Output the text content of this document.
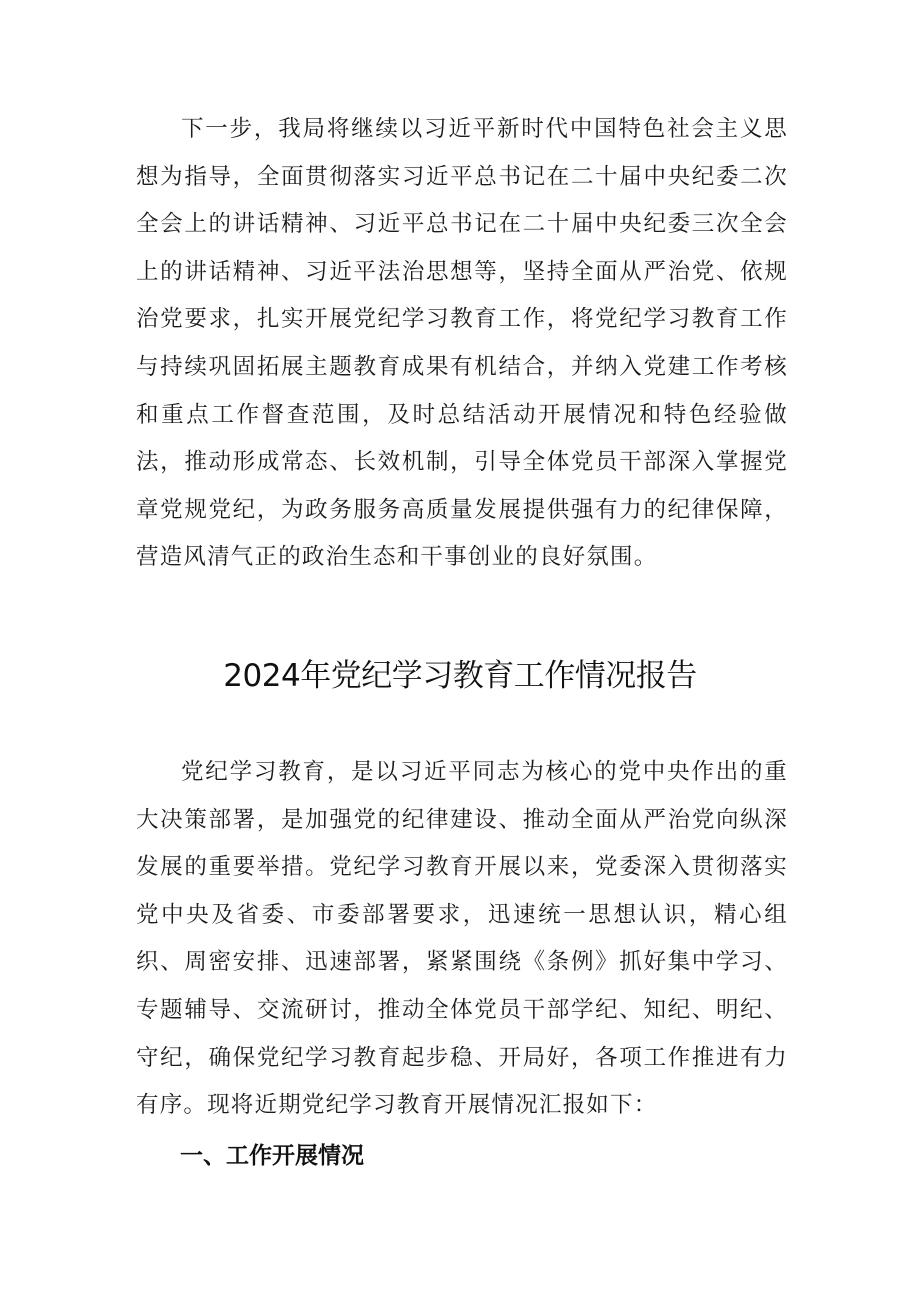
下一步，我局将继续以习近平新时代中国特色社会主义思想为指导，全面贯彻落实习近平总书记在二十届中央纪委二次全会上的讲话精神、习近平总书记在二十届中央纪委三次全会上的讲话精神、习近平法治思想等，坚持全面从严治党、依规治党要求，扎实开展党纪学习教育工作，将党纪学习教育工作与持续巩固拓展主题教育成果有机结合，并纳入党建工作考核和重点工作督查范围，及时总结活动开展情况和特色经验做法，推动形成常态、长效机制，引导全体党员干部深入掌握党章党规党纪，为政务服务高质量发展提供强有力的纪律保障，营造风清气正的政治生态和干事创业的良好氛围。

2024年党纪学习教育工作情况报告

党纪学习教育，是以习近平同志为核心的党中央作出的重大决策部署，是加强党的纪律建设、推动全面从严治党向纵深发展的重要举措。党纪学习教育开展以来，党委深入贯彻落实党中央及省委、市委部署要求，迅速统一思想认识，精心组织、周密安排、迅速部署，紧紧围绕《条例》抓好集中学习、专题辅导、交流研讨，推动全体党员干部学纪、知纪、明纪、守纪，确保党纪学习教育起步稳、开局好，各项工作推进有力有序。现将近期党纪学习教育开展情况汇报如下：

一、工作开展情况
